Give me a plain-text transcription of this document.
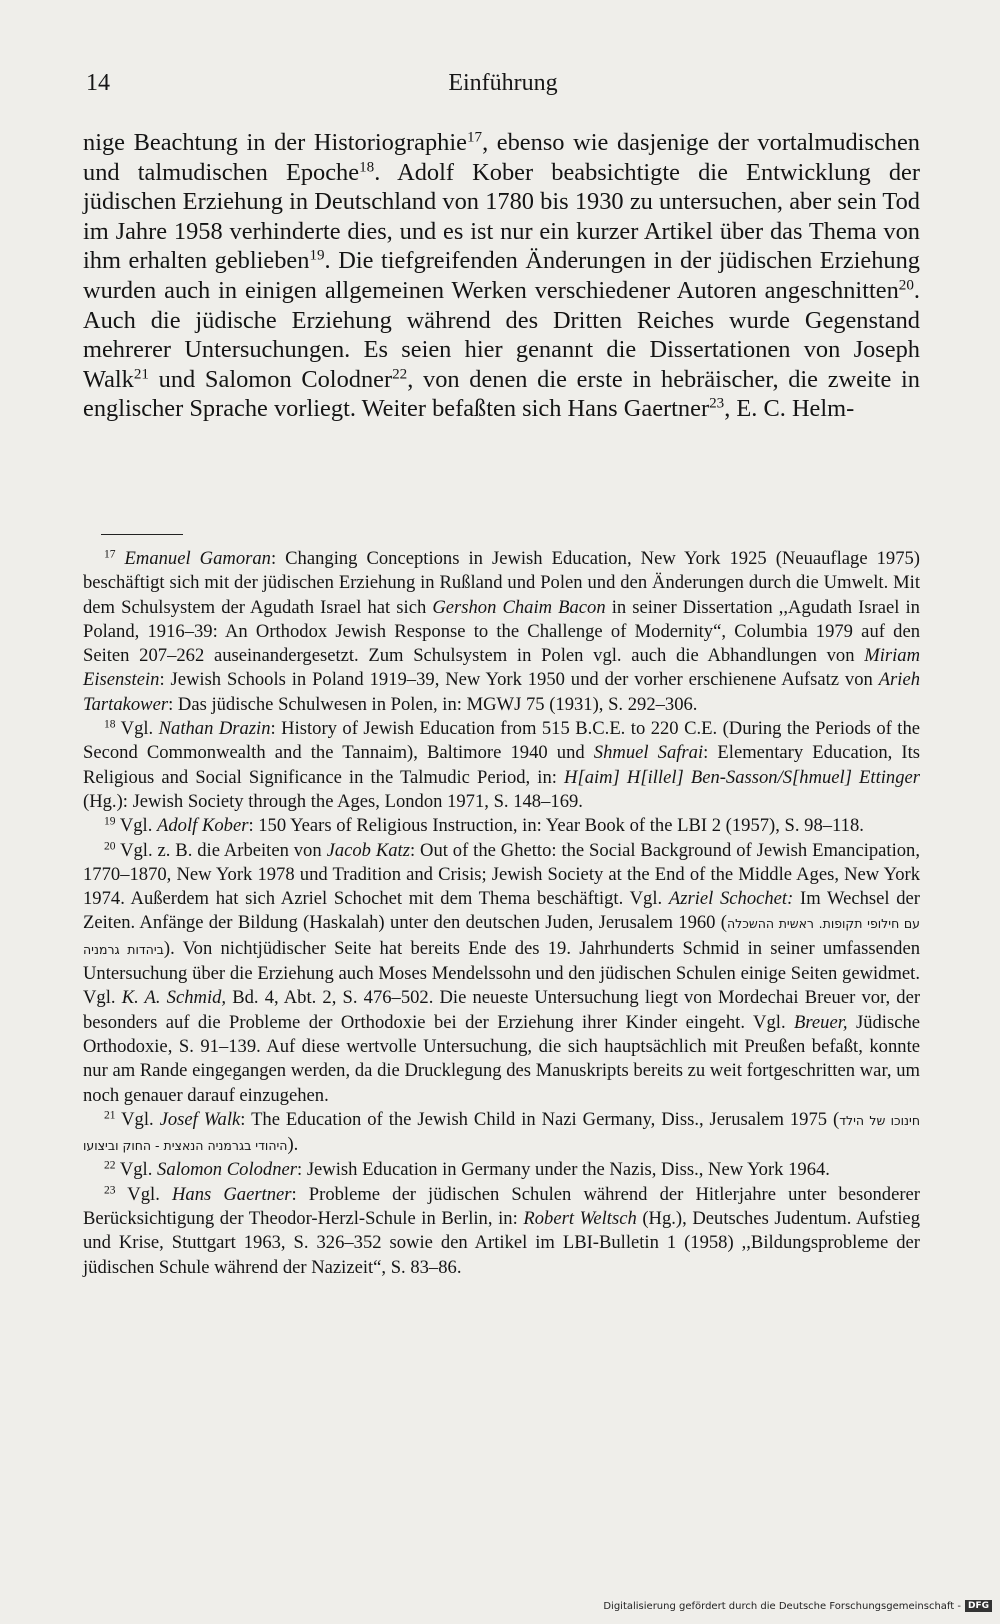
14	Einführung

nige Beachtung in der Historiographie$^{17}$, ebenso wie dasjenige der vortalmudischen und talmudischen Epoche$^{18}$. Adolf Kober beabsichtigte die Entwicklung der jüdischen Erziehung in Deutschland von 1780 bis 1930 zu untersuchen, aber sein Tod im Jahre 1958 verhinderte dies, und es ist nur ein kurzer Artikel über das Thema von ihm erhalten geblieben$^{19}$. Die tiefgreifenden Änderungen in der jüdischen Erziehung wurden auch in einigen allgemeinen Werken verschiedener Autoren angeschnitten$^{20}$. Auch die jüdische Erziehung während des Dritten Reiches wurde Gegenstand mehrerer Untersuchungen. Es seien hier genannt die Dissertationen von Joseph Walk$^{21}$ und Salomon Colodner$^{22}$, von denen die erste in hebräischer, die zweite in englischer Sprache vorliegt. Weiter befaßten sich Hans Gaertner$^{23}$, E. C. Helm-

$^{17}$ Emanuel Gamoran: Changing Conceptions in Jewish Education, New York 1925 (Neuauflage 1975) beschäftigt sich mit der jüdischen Erziehung in Rußland und Polen und den Änderungen durch die Umwelt. Mit dem Schulsystem der Agudath Israel hat sich Gershon Chaim Bacon in seiner Dissertation ,,Agudath Israel in Poland, 1916–39: An Orthodox Jewish Response to the Challenge of Modernity“, Columbia 1979 auf den Seiten 207–262 auseinandergesetzt. Zum Schulsystem in Polen vgl. auch die Abhandlungen von Miriam Eisenstein: Jewish Schools in Poland 1919–39, New York 1950 und der vorher erschienene Aufsatz von Arieh Tartakower: Das jüdische Schulwesen in Polen, in: MGWJ 75 (1931), S. 292–306.

$^{18}$ Vgl. Nathan Drazin: History of Jewish Education from 515 B.C.E. to 220 C.E. (During the Periods of the Second Commonwealth and the Tannaim), Baltimore 1940 und Shmuel Safrai: Elementary Education, Its Religious and Social Significance in the Talmudic Period, in: H[aim] H[illel] Ben-Sasson/S[hmuel] Ettinger (Hg.): Jewish Society through the Ages, London 1971, S. 148–169.

$^{19}$ Vgl. Adolf Kober: 150 Years of Religious Instruction, in: Year Book of the LBI 2 (1957), S. 98–118.

$^{20}$ Vgl. z. B. die Arbeiten von Jacob Katz: Out of the Ghetto: the Social Background of Jewish Emancipation, 1770–1870, New York 1978 und Tradition and Crisis; Jewish Society at the End of the Middle Ages, New York 1974. Außerdem hat sich Azriel Schochet mit dem Thema beschäftigt. Vgl. Azriel Schochet: Im Wechsel der Zeiten. Anfänge der Bildung (Haskalah) unter den deutschen Juden, Jerusalem 1960 (עם חילופי תקופות. ראשית ההשכלה ביהדות גרמניה). Von nichtjüdischer Seite hat bereits Ende des 19. Jahrhunderts Schmid in seiner umfassenden Untersuchung über die Erziehung auch Moses Mendelssohn und den jüdischen Schulen einige Seiten gewidmet. Vgl. K. A. Schmid, Bd. 4, Abt. 2, S. 476–502. Die neueste Untersuchung liegt von Mordechai Breuer vor, der besonders auf die Probleme der Orthodoxie bei der Erziehung ihrer Kinder eingeht. Vgl. Breuer, Jüdische Orthodoxie, S. 91–139. Auf diese wertvolle Untersuchung, die sich hauptsächlich mit Preußen befaßt, konnte nur am Rande eingegangen werden, da die Drucklegung des Manuskripts bereits zu weit fortgeschritten war, um noch genauer darauf einzugehen.

$^{21}$ Vgl. Josef Walk: The Education of the Jewish Child in Nazi Germany, Diss., Jerusalem 1975 (חינוכו של הילד היהודי בגרמניה הנאצית - החוק וביצועו).

$^{22}$ Vgl. Salomon Colodner: Jewish Education in Germany under the Nazis, Diss., New York 1964.

$^{23}$ Vgl. Hans Gaertner: Probleme der jüdischen Schulen während der Hitlerjahre unter besonderer Berücksichtigung der Theodor-Herzl-Schule in Berlin, in: Robert Weltsch (Hg.), Deutsches Judentum. Aufstieg und Krise, Stuttgart 1963, S. 326–352 sowie den Artikel im LBI-Bulletin 1 (1958) ,,Bildungsprobleme der jüdischen Schule während der Nazizeit“, S. 83–86.

Digitalisierung gefördert durch die Deutsche Forschungsgemeinschaft - DFG
